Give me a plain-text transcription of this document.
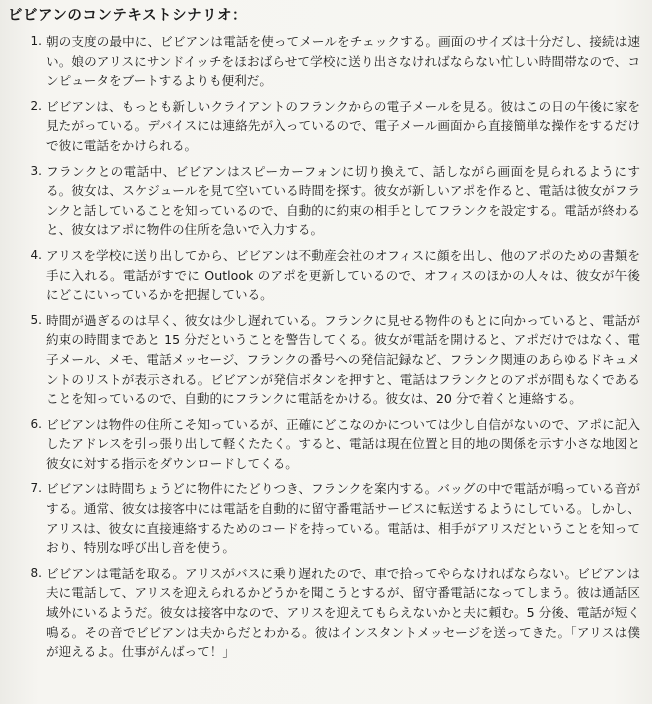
ビビアンのコンテキストシナリオ：
1. 朝の支度の最中に、ビビアンは電話を使ってメールをチェックする。画面のサイズは十分だし、接続は速い。娘のアリスにサンドイッチをほおばらせて学校に送り出さなければならない忙しい時間帯なので、コンピュータをブートするよりも便利だ。
2. ビビアンは、もっとも新しいクライアントのフランクからの電子メールを見る。彼はこの日の午後に家を見たがっている。デバイスには連絡先が入っているので、電子メール画面から直接簡単な操作をするだけで彼に電話をかけられる。
3. フランクとの電話中、ビビアンはスピーカーフォンに切り換えて、話しながら画面を見られるようにする。彼女は、スケジュールを見て空いている時間を探す。彼女が新しいアポを作ると、電話は彼女がフランクと話していることを知っているので、自動的に約束の相手としてフランクを設定する。電話が終わると、彼女はアポに物件の住所を急いで入力する。
4. アリスを学校に送り出してから、ビビアンは不動産会社のオフィスに顔を出し、他のアポのための書類を手に入れる。電話がすでに Outlook のアポを更新しているので、オフィスのほかの人々は、彼女が午後にどこにいっているかを把握している。
5. 時間が過ぎるのは早く、彼女は少し遅れている。フランクに見せる物件のもとに向かっていると、電話が約束の時間まであと 15 分だということを警告してくる。彼女が電話を開けると、アポだけではなく、電子メール、メモ、電話メッセージ、フランクの番号への発信記録など、フランク関連のあらゆるドキュメントのリストが表示される。ビビアンが発信ボタンを押すと、電話はフランクとのアポが間もなくであることを知っているので、自動的にフランクに電話をかける。彼女は、20 分で着くと連絡する。
6. ビビアンは物件の住所こそ知っているが、正確にどこなのかについては少し自信がないので、アポに記入したアドレスを引っ張り出して軽くたたく。すると、電話は現在位置と目的地の関係を示す小さな地図と彼女に対する指示をダウンロードしてくる。
7. ビビアンは時間ちょうどに物件にたどりつき、フランクを案内する。バッグの中で電話が鳴っている音がする。通常、彼女は接客中には電話を自動的に留守番電話サービスに転送するようにしている。しかし、アリスは、彼女に直接連絡するためのコードを持っている。電話は、相手がアリスだということを知っており、特別な呼び出し音を使う。
8. ビビアンは電話を取る。アリスがバスに乗り遅れたので、車で拾ってやらなければならない。ビビアンは夫に電話して、アリスを迎えられるかどうかを聞こうとするが、留守番電話になってしまう。彼は通話区域外にいるようだ。彼女は接客中なので、アリスを迎えてもらえないかと夫に頼む。5 分後、電話が短く鳴る。その音でビビアンは夫からだとわかる。彼はインスタントメッセージを送ってきた。「アリスは僕が迎えるよ。仕事がんばって！」
